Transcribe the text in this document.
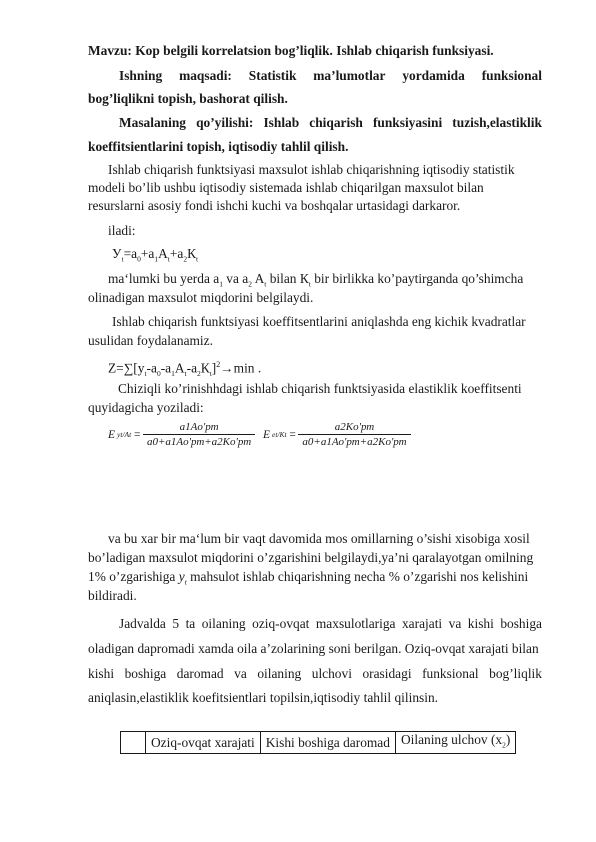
Mavzu: Kop belgili korrelatsion bog’liqlik. Ishlab chiqarish funksiyasi.
Ishning maqsadi: Statistik ma’lumotlar yordamida funksional
bog’liqlikni topish, bashorat qilish.
Masalaning qo’yilishi: Ishlab chiqarish funksiyasini tuzish,elastiklik
koeffitsientlarini topish, iqtisodiy tahlil qilish.
Ishlab chiqarish funktsiyasi maxsulot ishlab chiqarishning iqtisodiy statistik
modeli bo’lib ushbu iqtisodiy sistemada ishlab chiqarilgan maxsulot bilan
resurslarni asosiy fondi ishchi kuchi va boshqalar urtasidagi darkaror.
iladi:
$У_t=a_0+a_1A_t+a_2К_t$
ma‘lumki bu yerda $a_1$ va $a_2$ $A_t$ bilan $К_t$ bir birlikka ko’paytirganda qo’shimcha
olinadigan maxsulot miqdorini belgilaydi.
Ishlab chiqarish funktsiyasi koeffitsentlarini aniqlashda eng kichik kvadratlar
usulidan foydalanamiz.
$Z=\sum[y_t-a_0-a_1A_t-a_2К_t]^2\to\min$ .
Chiziqli ko’rinishhdagi ishlab chiqarish funktsiyasida elastiklik koeffitsenti
quyidagicha yoziladi:
E $yt/At = \frac{a1Aо'рт}{a0+a1Aо'рт+a2Kо'рт}$ E $et/Kt = \frac{a2Kо'рт}{a0+a1Aо'рт+a2Kо'рт}$
va bu xar bir ma‘lum bir vaqt davomida mos omillarning o’sishi xisobiga xosil
bo’ladigan maxsulot miqdorini o’zgarishini belgilaydi,ya’ni qaralayotgan omilning
1% o’zgarishiga $y_t$ mahsulot ishlab chiqarishning necha % o’zgarishi nos kelishini
bildiradi.
Jadvalda 5 ta oilaning oziq-ovqat maxsulotlariga xarajati va kishi boshiga
oladigan dapromadi xamda oila a’zolarining soni berilgan. Oziq-ovqat xarajati bilan
kishi boshiga daromad va oilaning ulchovi orasidagi funksional bog’liqlik
aniqlasin,elastiklik koefitsientlari topilsin,iqtisodiy tahlil qilinsin.
	Oziq-ovqat xarajati	Kishi boshiga daromad	Oilaning ulchov $(x_2)$
